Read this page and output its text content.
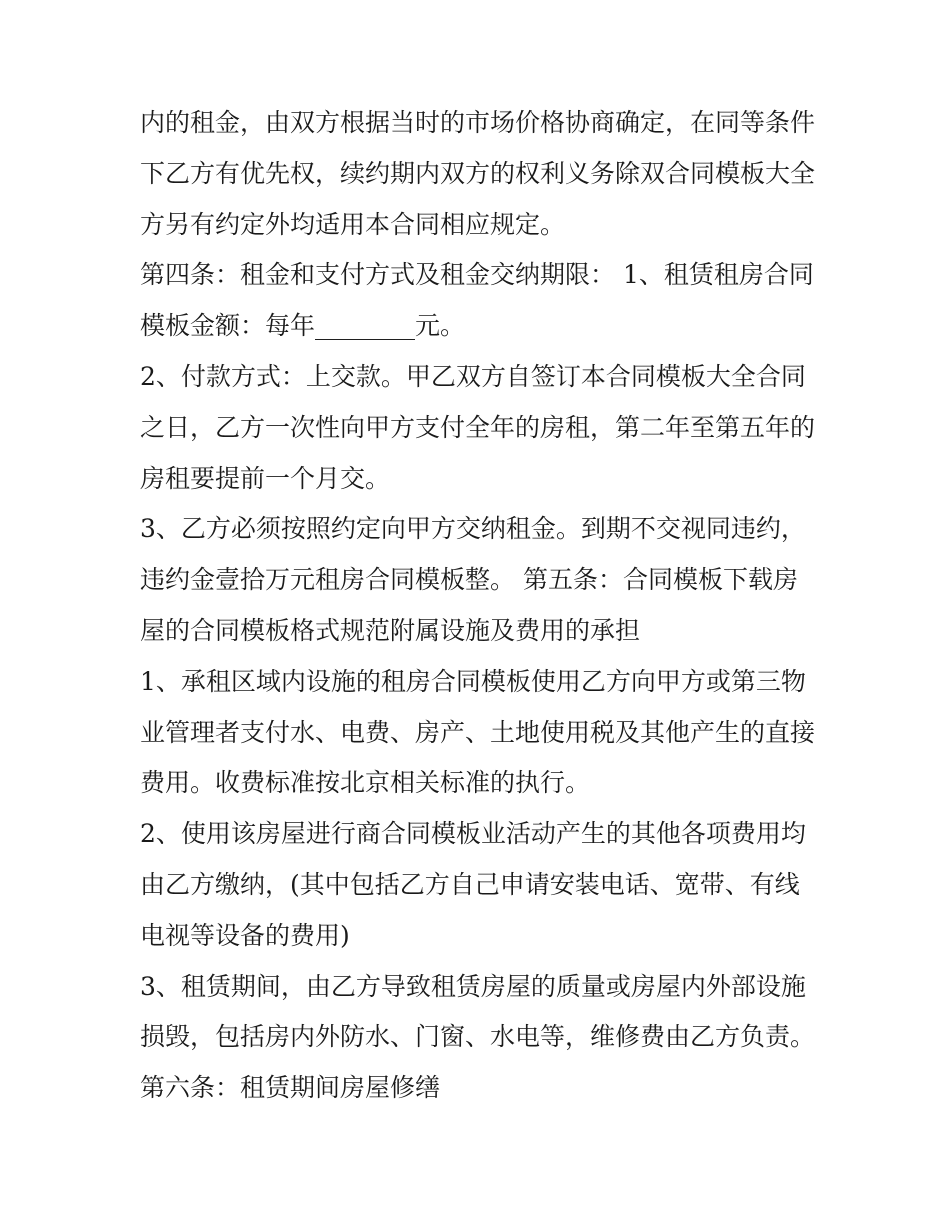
内的租金，由双方根据当时的市场价格协商确定，在同等条件
下乙方有优先权，续约期内双方的权利义务除双合同模板大全
方另有约定外均适用本合同相应规定。
第四条：租金和支付方式及租金交纳期限： 1、租赁租房合同
模板金额：每年________元。
2、付款方式：上交款。甲乙双方自签订本合同模板大全合同
之日，乙方一次性向甲方支付全年的房租，第二年至第五年的
房租要提前一个月交。
3、乙方必须按照约定向甲方交纳租金。到期不交视同违约，
违约金壹拾万元租房合同模板整。 第五条：合同模板下载房
屋的合同模板格式规范附属设施及费用的承担
1、承租区域内设施的租房合同模板使用乙方向甲方或第三物
业管理者支付水、电费、房产、土地使用税及其他产生的直接
费用。收费标准按北京相关标准的执行。
2、使用该房屋进行商合同模板业活动产生的其他各项费用均
由乙方缴纳，(其中包括乙方自己申请安装电话、宽带、有线
电视等设备的费用)
3、租赁期间，由乙方导致租赁房屋的质量或房屋内外部设施
损毁，包括房内外防水、门窗、水电等，维修费由乙方负责。
第六条：租赁期间房屋修缮
